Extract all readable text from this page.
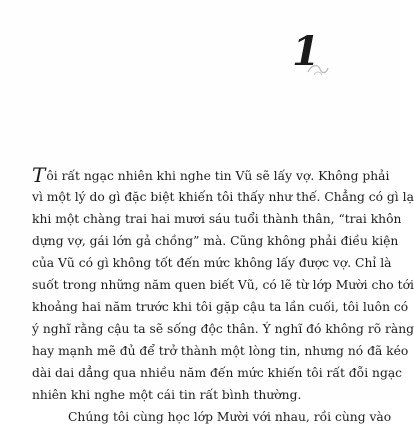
1
Tôi rất ngạc nhiên khi nghe tin Vũ sẽ lấy vợ. Không phải
vì một lý do gì đặc biệt khiến tôi thấy như thế. Chẳng có gì lạ
khi một chàng trai hai mươi sáu tuổi thành thân, “trai khôn
dựng vợ, gái lớn gả chồng” mà. Cũng không phải điều kiện
của Vũ có gì không tốt đến mức không lấy được vợ. Chỉ là
suốt trong những năm quen biết Vũ, có lẽ từ lớp Mười cho tới
khoảng hai năm trước khi tôi gặp cậu ta lần cuối, tôi luôn có
ý nghĩ rằng cậu ta sẽ sống độc thân. Ý nghĩ đó không rõ ràng
hay mạnh mẽ đủ để trở thành một lòng tin, nhưng nó đã kéo
dài dai dẳng qua nhiều năm đến mức khiến tôi rất đỗi ngạc
nhiên khi nghe một cái tin rất bình thường.
Chúng tôi cùng học lớp Mười với nhau, rồi cùng vào
